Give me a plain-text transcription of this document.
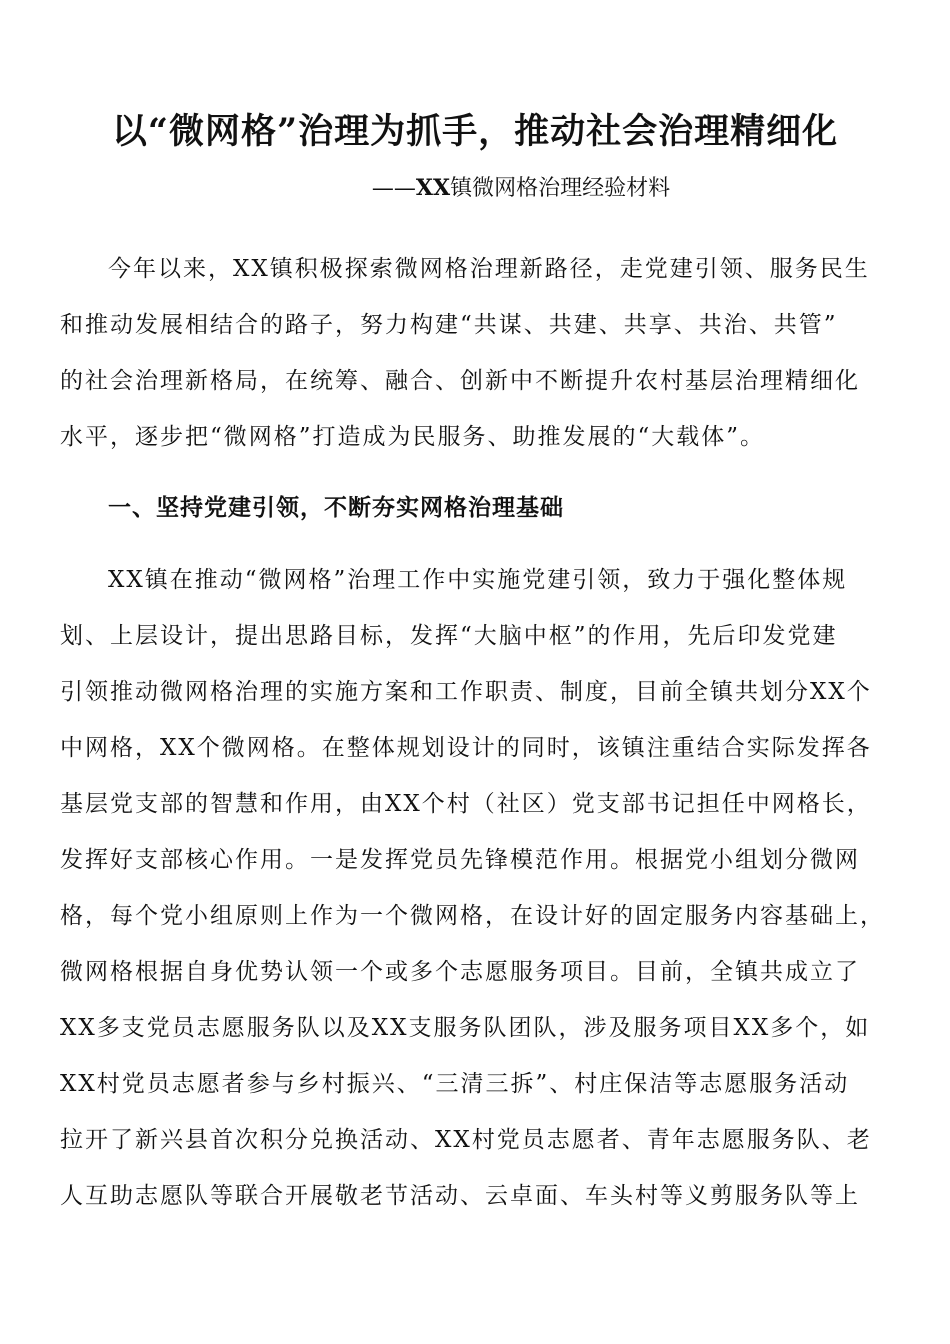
以“微网格”治理为抓手，推动社会治理精细化
——XX镇微网格治理经验材料
今年以来，XX镇积极探索微网格治理新路径，走党建引领、服务民生
和推动发展相结合的路子，努力构建“共谋、共建、共享、共治、共管”
的社会治理新格局，在统筹、融合、创新中不断提升农村基层治理精细化
水平，逐步把“微网格”打造成为民服务、助推发展的“大载体”。
一、坚持党建引领，不断夯实网格治理基础
XX镇在推动“微网格”治理工作中实施党建引领，致力于强化整体规
划、上层设计，提出思路目标，发挥“大脑中枢”的作用，先后印发党建
引领推动微网格治理的实施方案和工作职责、制度，目前全镇共划分XX个
中网格，XX个微网格。在整体规划设计的同时，该镇注重结合实际发挥各
基层党支部的智慧和作用，由XX个村（社区）党支部书记担任中网格长，
发挥好支部核心作用。一是发挥党员先锋模范作用。根据党小组划分微网
格，每个党小组原则上作为一个微网格，在设计好的固定服务内容基础上，
微网格根据自身优势认领一个或多个志愿服务项目。目前，全镇共成立了
XX多支党员志愿服务队以及XX支服务队团队，涉及服务项目XX多个，如
XX村党员志愿者参与乡村振兴、“三清三拆”、村庄保洁等志愿服务活动
拉开了新兴县首次积分兑换活动、XX村党员志愿者、青年志愿服务队、老
人互助志愿队等联合开展敬老节活动、云卓面、车头村等义剪服务队等上
